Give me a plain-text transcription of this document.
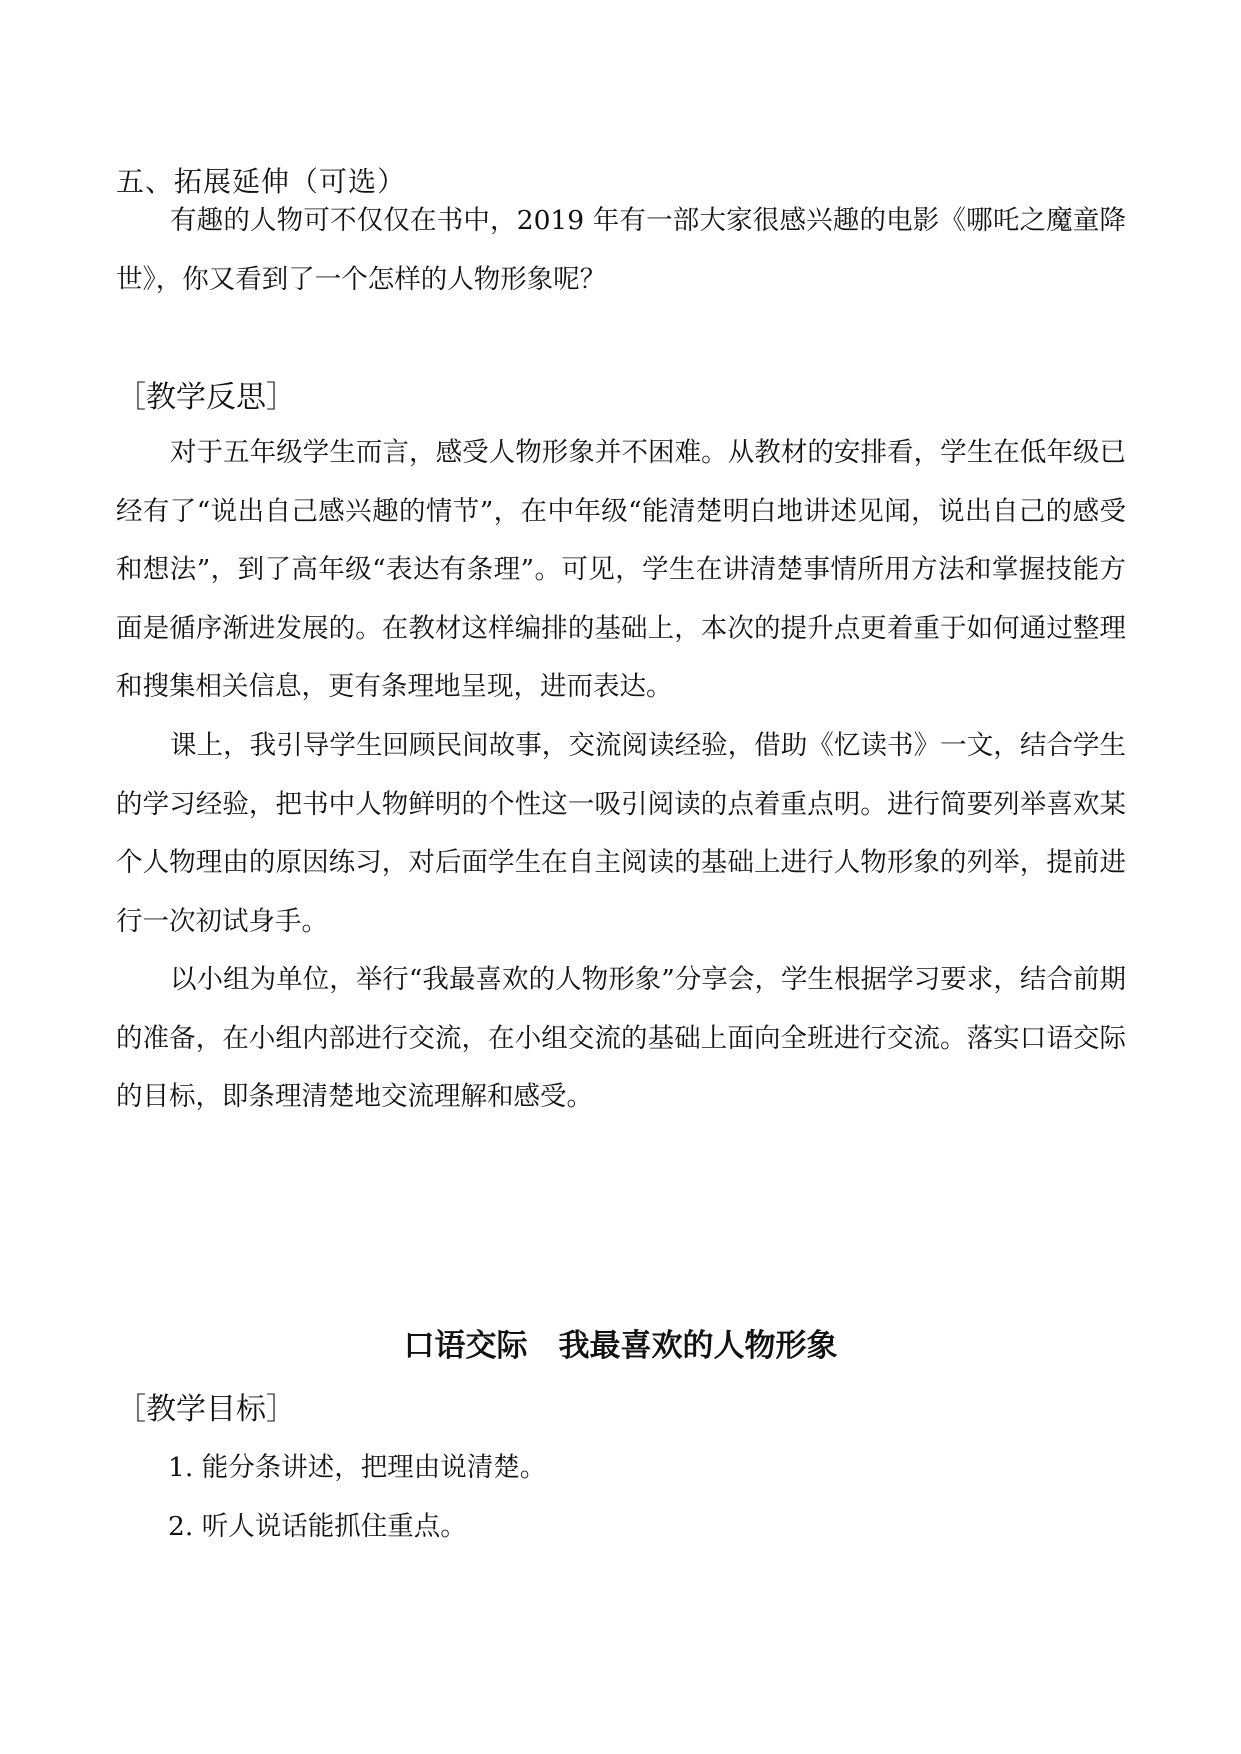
五、拓展延伸（可选）

有趣的人物可不仅仅在书中，2019 年有一部大家很感兴趣的电影《哪吒之魔童降世》，你又看到了一个怎样的人物形象呢？

［教学反思］

对于五年级学生而言，感受人物形象并不困难。从教材的安排看，学生在低年级已经有了“说出自己感兴趣的情节”，在中年级“能清楚明白地讲述见闻，说出自己的感受和想法”，到了高年级“表达有条理”。可见，学生在讲清楚事情所用方法和掌握技能方面是循序渐进发展的。在教材这样编排的基础上，本次的提升点更着重于如何通过整理和搜集相关信息，更有条理地呈现，进而表达。

课上，我引导学生回顾民间故事，交流阅读经验，借助《忆读书》一文，结合学生的学习经验，把书中人物鲜明的个性这一吸引阅读的点着重点明。进行简要列举喜欢某个人物理由的原因练习，对后面学生在自主阅读的基础上进行人物形象的列举，提前进行一次初试身手。

以小组为单位，举行“我最喜欢的人物形象”分享会，学生根据学习要求，结合前期的准备，在小组内部进行交流，在小组交流的基础上面向全班进行交流。落实口语交际的目标，即条理清楚地交流理解和感受。

口语交际　我最喜欢的人物形象
［教学目标］
1. 能分条讲述，把理由说清楚。
2. 听人说话能抓住重点。
